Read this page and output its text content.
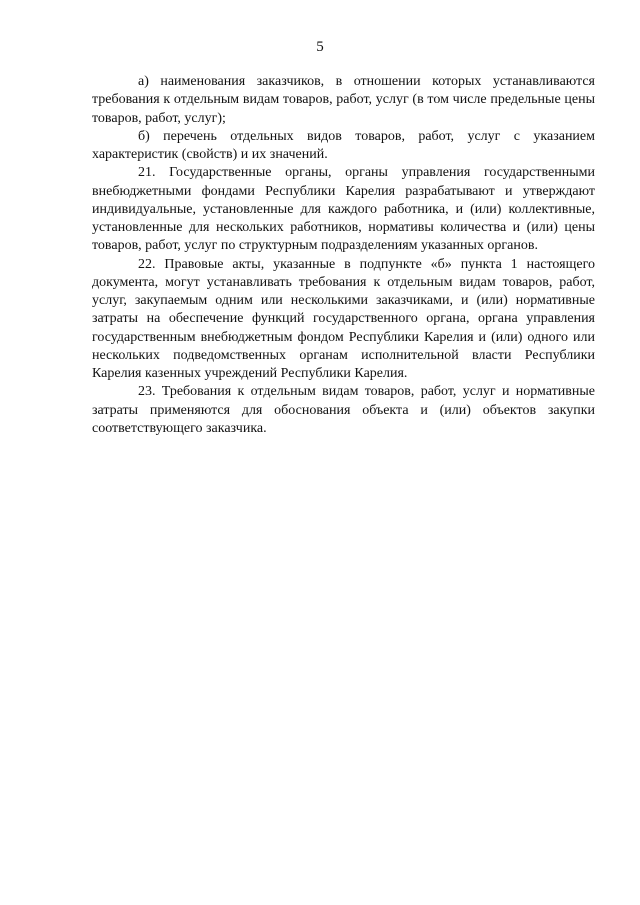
5

а) наименования заказчиков, в отношении которых устанавливаются требования к отдельным видам товаров, работ, услуг (в том числе предельные цены товаров, работ, услуг);

б) перечень отдельных видов товаров, работ, услуг с указанием характеристик (свойств) и их значений.

21. Государственные органы, органы управления государственными внебюджетными фондами Республики Карелия разрабатывают и утверждают индивидуальные, установленные для каждого работника, и (или) коллективные, установленные для нескольких работников, нормативы количества и (или) цены товаров, работ, услуг по структурным подразделениям указанных органов.

22. Правовые акты, указанные в подпункте «б» пункта 1 настоящего документа, могут устанавливать требования к отдельным видам товаров, работ, услуг, закупаемым одним или несколькими заказчиками, и (или) нормативные затраты на обеспечение функций государственного органа, органа управления государственным внебюджетным фондом Республики Карелия и (или) одного или нескольких подведомственных органам исполнительной власти Республики Карелия казенных учреждений Республики Карелия.

23. Требования к отдельным видам товаров, работ, услуг и нормативные затраты применяются для обоснования объекта и (или) объектов закупки соответствующего заказчика.
